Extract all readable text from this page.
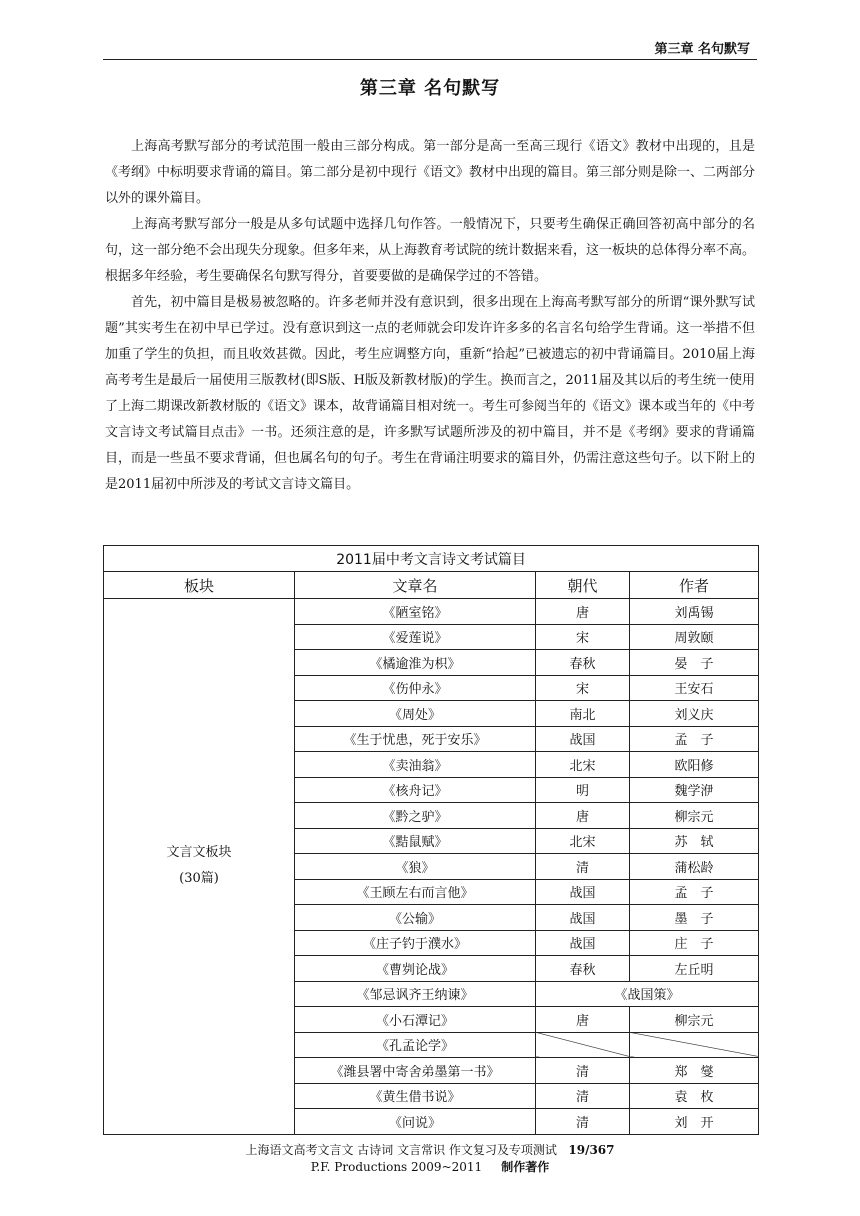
第三章 名句默写
第三章 名句默写

上海高考默写部分的考试范围一般由三部分构成。第一部分是高一至高三现行《语文》教材中出现的，且是《考纲》中标明要求背诵的篇目。第二部分是初中现行《语文》教材中出现的篇目。第三部分则是除一、二两部分以外的课外篇目。

上海高考默写部分一般是从多句试题中选择几句作答。一般情况下，只要考生确保正确回答初高中部分的名句，这一部分绝不会出现失分现象。但多年来，从上海教育考试院的统计数据来看，这一板块的总体得分率不高。根据多年经验，考生要确保名句默写得分，首要要做的是确保学过的不答错。

首先，初中篇目是极易被忽略的。许多老师并没有意识到，很多出现在上海高考默写部分的所谓“课外默写试题”其实考生在初中早已学过。没有意识到这一点的老师就会印发许许多多的名言名句给学生背诵。这一举措不但加重了学生的负担，而且收效甚微。因此，考生应调整方向，重新“拾起”已被遗忘的初中背诵篇目。2010届上海高考考生是最后一届使用三版教材(即S版、H版及新教材版)的学生。换而言之，2011届及其以后的考生统一使用了上海二期课改新教材版的《语文》课本，故背诵篇目相对统一。考生可参阅当年的《语文》课本或当年的《中考文言诗文考试篇目点击》一书。还须注意的是，许多默写试题所涉及的初中篇目，并不是《考纲》要求的背诵篇目，而是一些虽不要求背诵，但也属名句的句子。考生在背诵注明要求的篇目外，仍需注意这些句子。以下附上的是2011届初中所涉及的考试文言诗文篇目。

2011届中考文言诗文考试篇目			
板块	文章名	朝代	作者

文言文板块
(30篇)	《陋室铭》	唐	刘禹锡
	《爱莲说》	宋	周敦颐
	《橘逾淮为枳》	春秋	晏　子
	《伤仲永》	宋	王安石
	《周处》	南北	刘义庆
	《生于忧患，死于安乐》	战国	孟　子
	《卖油翁》	北宋	欧阳修
	《核舟记》	明	魏学洢
	《黔之驴》	唐	柳宗元
	《黠鼠赋》	北宋	苏　轼
	《狼》	清	蒲松龄
	《王顾左右而言他》	战国	孟　子
	《公输》	战国	墨　子
	《庄子钓于濮水》	战国	庄　子
	《曹刿论战》	春秋	左丘明
	《邹忌讽齐王纳谏》	《战国策》	
	《小石潭记》	唐	柳宗元
	《孔孟论学》		
	《潍县署中寄舍弟墨第一书》	清	郑　燮
	《黄生借书说》	清	袁　枚
	《问说》	清	刘　开
上海语文高考文言文 古诗词 文言常识 作文复习及专项测试 19/367
P.F. Productions 2009~2011 制作著作
